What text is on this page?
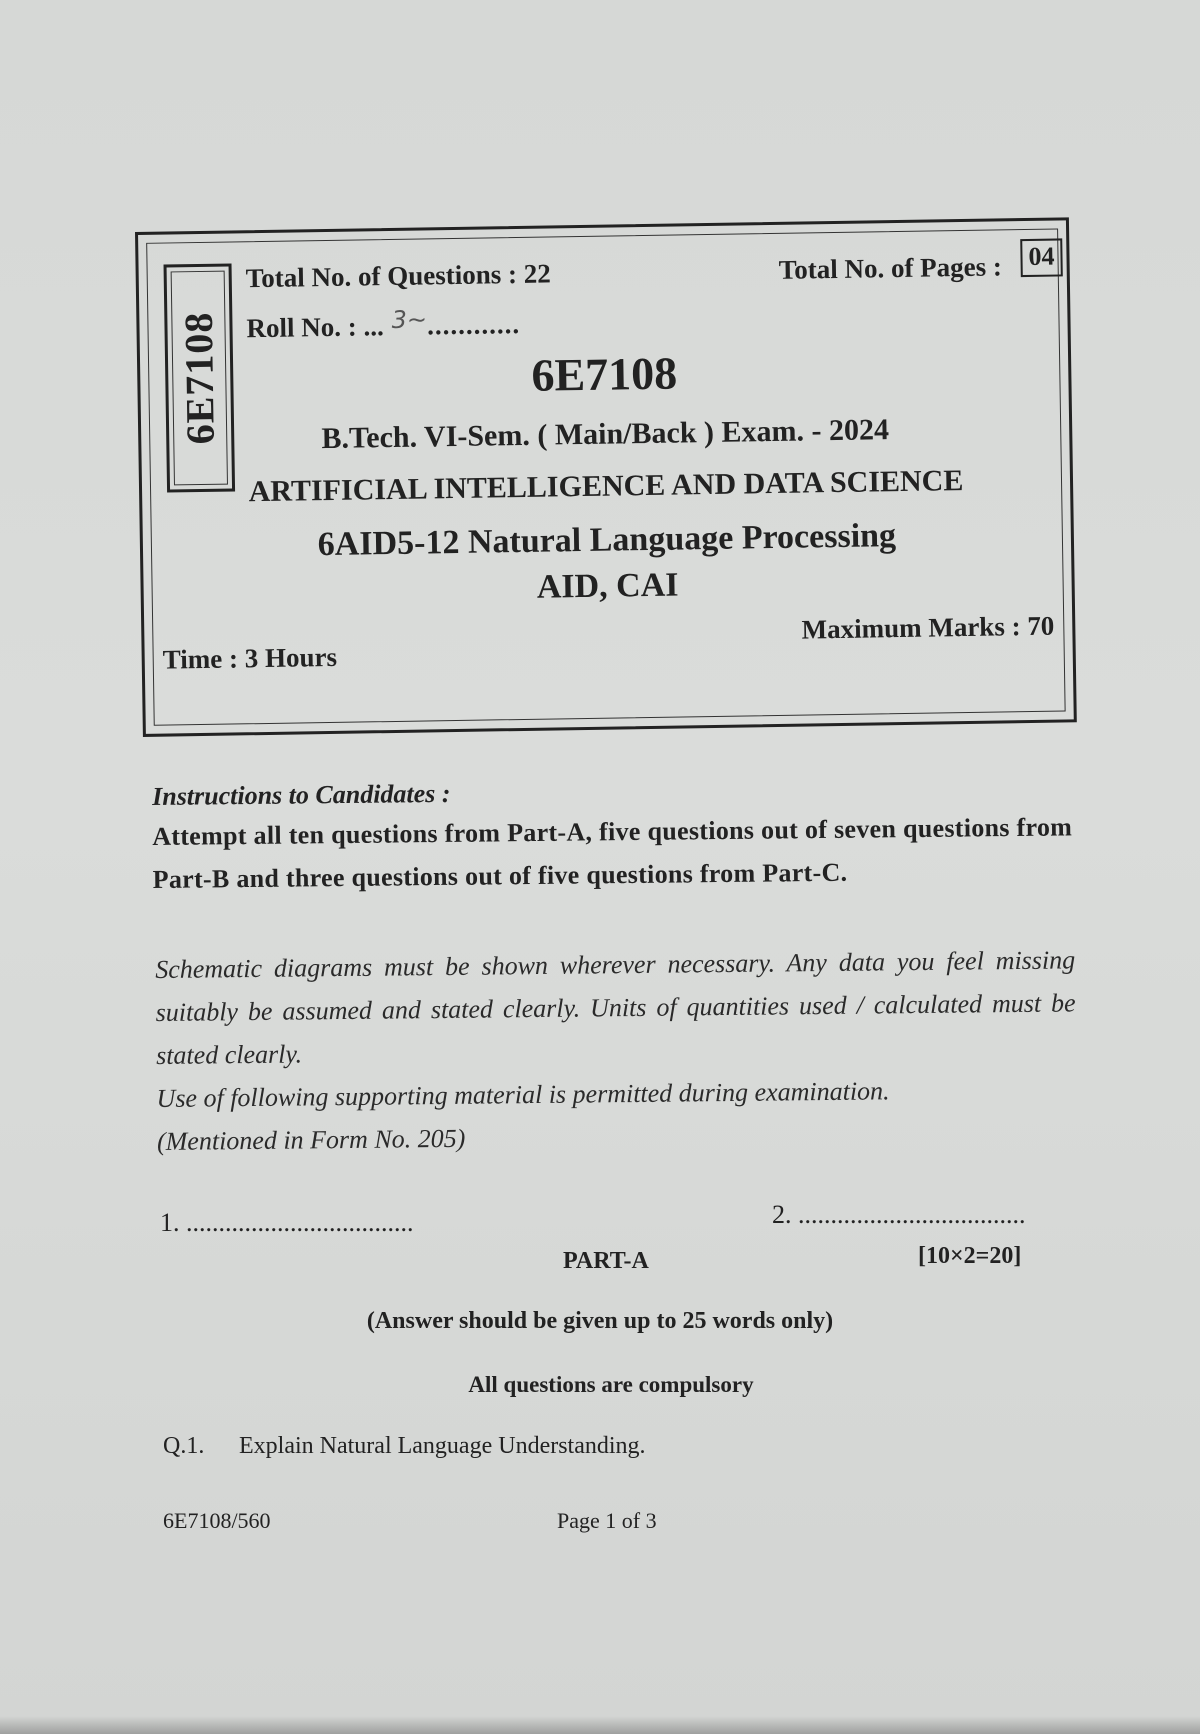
6E7108
Total No. of Questions : 22	Total No. of Pages :	04
Roll No. : ... 3~ ............
6E7108
B.Tech. VI-Sem. ( Main/Back ) Exam. - 2024
ARTIFICIAL INTELLIGENCE AND DATA SCIENCE
6AID5-12 Natural Language Processing
AID, CAI
Time : 3 Hours
Maximum Marks : 70
Instructions to Candidates :
Attempt all ten questions from Part-A, five questions out of seven questions from Part-B and three questions out of five questions from Part-C.
Schematic diagrams must be shown wherever necessary. Any data you feel missing suitably be assumed and stated clearly. Units of quantities used / calculated must be stated clearly.
Use of following supporting material is permitted during examination.
(Mentioned in Form No. 205)
1. ...................................	2. ...................................
PART-A	[10×2=20]
(Answer should be given up to 25 words only)
All questions are compulsory
Q.1. Explain Natural Language Understanding.
6E7108/560	Page 1 of 3
